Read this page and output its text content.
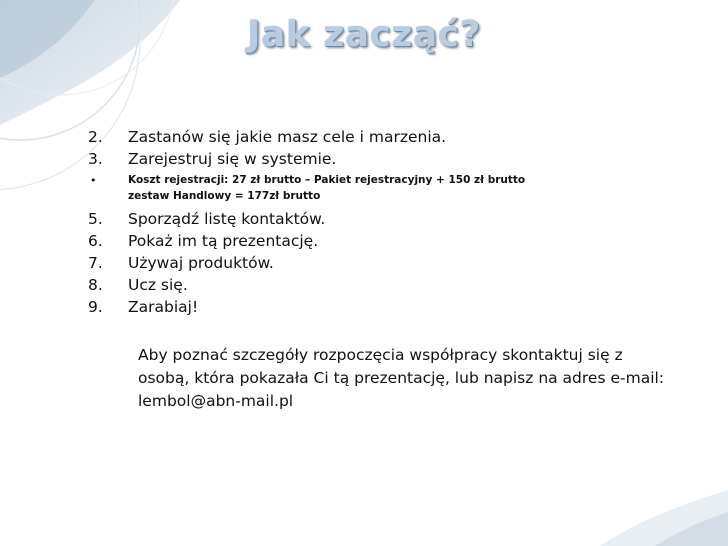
Jak zacząć?
2. Zastanów się jakie masz cele i marzenia.
3. Zarejestruj się w systemie.
•	Koszt rejestracji: 27 zł brutto – Pakiet rejestracyjny + 150 zł brutto
zestaw Handlowy = 177zł brutto
5. Sporządź listę kontaktów.
6. Pokaż im tą prezentację.
7. Używaj produktów.
8. Ucz się.
9. Zarabiaj!
Aby poznać szczegóły rozpoczęcia współpracy skontaktuj się z
osobą, która pokazała Ci tą prezentację, lub napisz na adres e-mail:
lembol@abn-mail.pl
